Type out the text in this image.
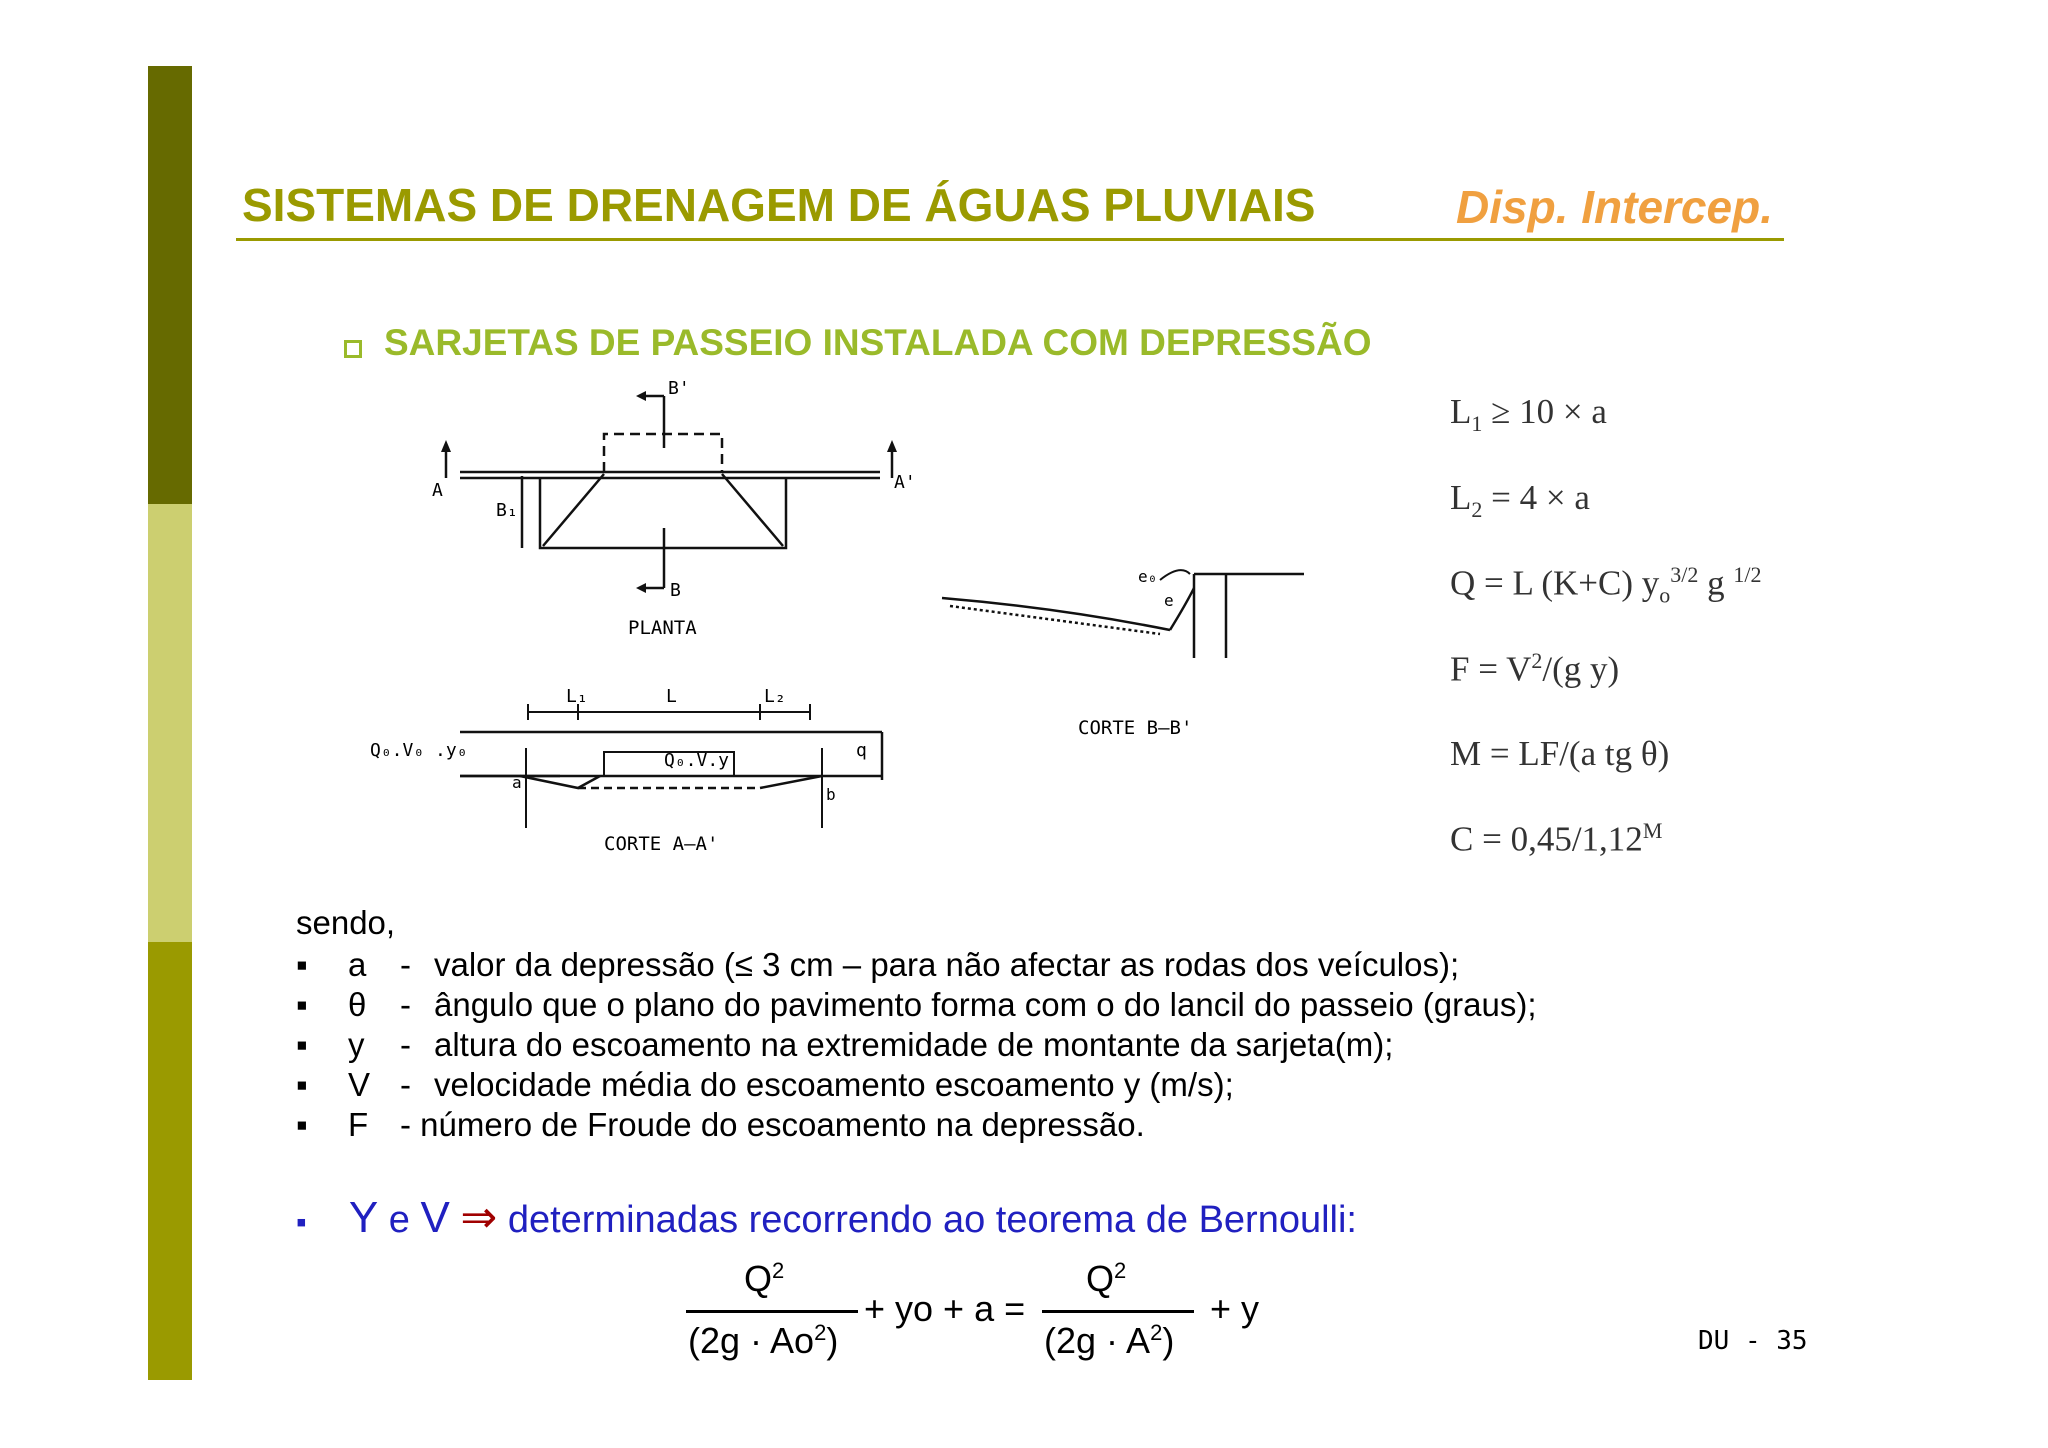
SISTEMAS DE DRENAGEM DE ÁGUAS PLUVIAIS	Disp. Intercep.
SARJETAS DE PASSEIO INSTALADA COM DEPRESSÃO
B'
B
A	A'
B₁
PLANTA
L₁	L	L₂
Q₀.V₀ .y₀	Q₀.V.y	q
a
b
CORTE A–A'
e₀
e
CORTE B–B'
$L_1 \ge 10 \times a$
$L_2 = 4 \times a$
Q = L (K+C) $y_o^{3/2}$ g $^{1/2}$
$F = V^2/(g$ y)
M = LF/(a tg θ)
$C = 0,45/1,12^M$
sendo,
▪ a - valor da depressão (≤ 3 cm – para não afectar as rodas dos veículos);
▪ θ - ângulo que o plano do pavimento forma com o do lancil do passeio (graus);
▪ y - altura do escoamento na extremidade de montante da sarjeta(m);
▪ V - velocidade média do escoamento escoamento y (m/s);
▪ F - número de Froude do escoamento na depressão.
▪ Y e V ⇒ determinadas recorrendo ao teorema de Bernoulli:
$Q^2$
$(2g \cdot Ao^2)$
+ yo + a =
$Q^2$
$(2g \cdot A^2)$
+ y
DU - 35
